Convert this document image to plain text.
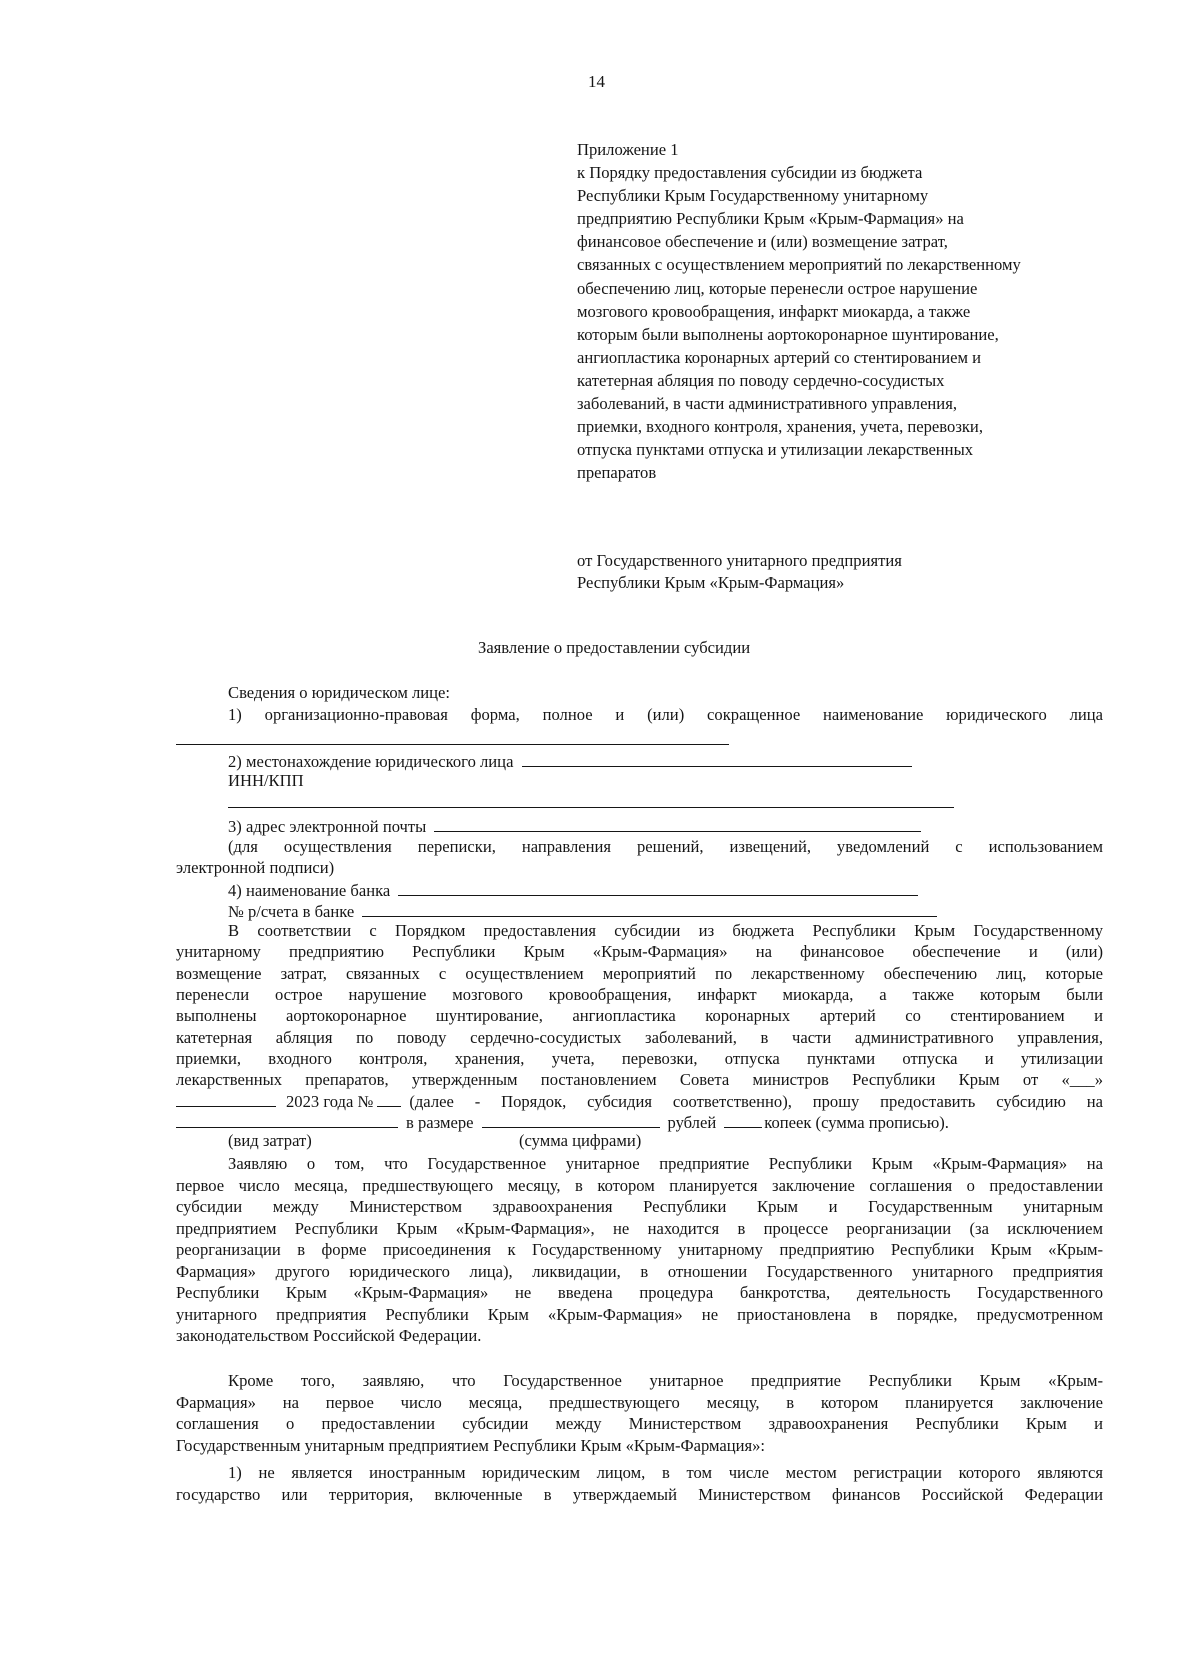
14
Приложение 1
к Порядку предоставления субсидии из бюджета
Республики Крым Государственному унитарному
предприятию Республики Крым «Крым-Фармация» на
финансовое обеспечение и (или) возмещение затрат,
связанных с осуществлением мероприятий по лекарственному
обеспечению лиц, которые перенесли острое нарушение
мозгового кровообращения, инфаркт миокарда, а также
которым были выполнены аортокоронарное шунтирование,
ангиопластика коронарных артерий со стентированием и
катетерная абляция по поводу сердечно-сосудистых
заболеваний, в части административного управления,
приемки, входного контроля, хранения, учета, перевозки,
отпуска пунктами отпуска и утилизации лекарственных
препаратов
от Государственного унитарного предприятия
Республики Крым «Крым-Фармация»
Заявление о предоставлении субсидии
Сведения о юридическом лице:
1) организационно-правовая форма, полное и (или) сокращенное наименование юридического лица
2) местонахождение юридического лица
ИНН/КПП
3) адрес электронной почты
(для осуществления переписки, направления решений, извещений, уведомлений с использованием
электронной подписи)
4) наименование банка
№ р/счета в банке
В соответствии с Порядком предоставления субсидии из бюджета Республики Крым Государственному
унитарному предприятию Республики Крым «Крым-Фармация» на финансовое обеспечение и (или)
возмещение затрат, связанных с осуществлением мероприятий по лекарственному обеспечению лиц, которые
перенесли острое нарушение мозгового кровообращения, инфаркт миокарда, а также которым были
выполнены аортокоронарное шунтирование, ангиопластика коронарных артерий со стентированием и
катетерная абляция по поводу сердечно-сосудистых заболеваний, в части административного управления,
приемки, входного контроля, хранения, учета, перевозки, отпуска пунктами отпуска и утилизации
лекарственных препаратов, утвержденным постановлением Совета министров Республики Крым от «___»
2023 года № (далее - Порядок, субсидия соответственно), прошу предоставить субсидию на
в размере	рублей	копеек (сумма прописью).
(вид затрат)	(сумма цифрами)
Заявляю о том, что Государственное унитарное предприятие Республики Крым «Крым-Фармация» на
первое число месяца, предшествующего месяцу, в котором планируется заключение соглашения о предоставлении
субсидии между Министерством здравоохранения Республики Крым и Государственным унитарным
предприятием Республики Крым «Крым-Фармация», не находится в процессе реорганизации (за исключением
реорганизации в форме присоединения к Государственному унитарному предприятию Республики Крым «Крым-
Фармация» другого юридического лица), ликвидации, в отношении Государственного унитарного предприятия
Республики Крым «Крым-Фармация» не введена процедура банкротства, деятельность Государственного
унитарного предприятия Республики Крым «Крым-Фармация» не приостановлена в порядке, предусмотренном
законодательством Российской Федерации.
Кроме того, заявляю, что Государственное унитарное предприятие Республики Крым «Крым-
Фармация» на первое число месяца, предшествующего месяцу, в котором планируется заключение
соглашения о предоставлении субсидии между Министерством здравоохранения Республики Крым и
Государственным унитарным предприятием Республики Крым «Крым-Фармация»:
1) не является иностранным юридическим лицом, в том числе местом регистрации которого являются
государство или территория, включенные в утверждаемый Министерством финансов Российской Федерации
